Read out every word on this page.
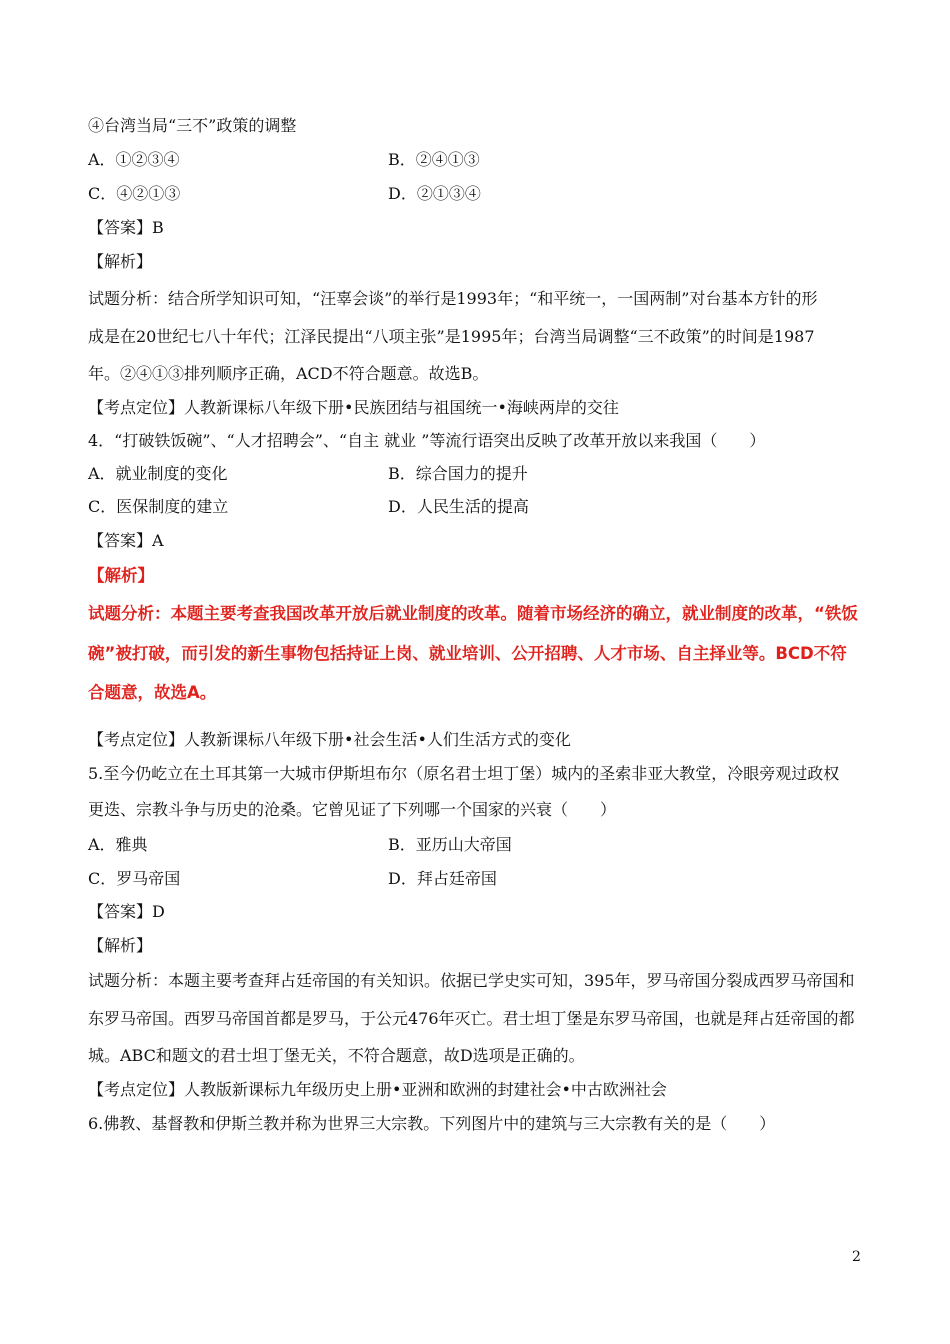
④台湾当局“三不”政策的调整
A．①②③④	B．②④①③
C．④②①③	D．②①③④
【答案】B
【解析】
试题分析：结合所学知识可知，“汪辜会谈”的举行是1993年；“和平统一，一国两制”对台基本方针的形
成是在20世纪七八十年代；江泽民提出“八项主张”是1995年；台湾当局调整“三不政策”的时间是1987
年。②④①③排列顺序正确，ACD不符合题意。故选B。
【考点定位】人教新课标八年级下册•民族团结与祖国统一•海峡两岸的交往
4．“打破铁饭碗”、“人才招聘会”、“自主 就业 ”等流行语突出反映了改革开放以来我国（　　）
A．就业制度的变化	B．综合国力的提升
C．医保制度的建立	D．人民生活的提高
【答案】A
【解析】
试题分析：本题主要考查我国改革开放后就业制度的改革。随着市场经济的确立，就业制度的改革，“铁饭
碗”被打破，而引发的新生事物包括持证上岗、就业培训、公开招聘、人才市场、自主择业等。BCD不符
合题意，故选A。
【考点定位】人教新课标八年级下册•社会生活•人们生活方式的变化
5.至今仍屹立在土耳其第一大城市伊斯坦布尔（原名君士坦丁堡）城内的圣索非亚大教堂，冷眼旁观过政权
更迭、宗教斗争与历史的沧桑。它曾见证了下列哪一个国家的兴衰（　　）
A．雅典	B．亚历山大帝国
C．罗马帝国	D．拜占廷帝国
【答案】D
【解析】
试题分析：本题主要考查拜占廷帝国的有关知识。依据已学史实可知，395年，罗马帝国分裂成西罗马帝国和
东罗马帝国。西罗马帝国首都是罗马，于公元476年灭亡。君士坦丁堡是东罗马帝国，也就是拜占廷帝国的都
城。ABC和题文的君士坦丁堡无关，不符合题意，故D选项是正确的。
【考点定位】人教版新课标九年级历史上册•亚洲和欧洲的封建社会•中古欧洲社会
6.佛教、基督教和伊斯兰教并称为世界三大宗教。下列图片中的建筑与三大宗教有关的是（　　）
2
